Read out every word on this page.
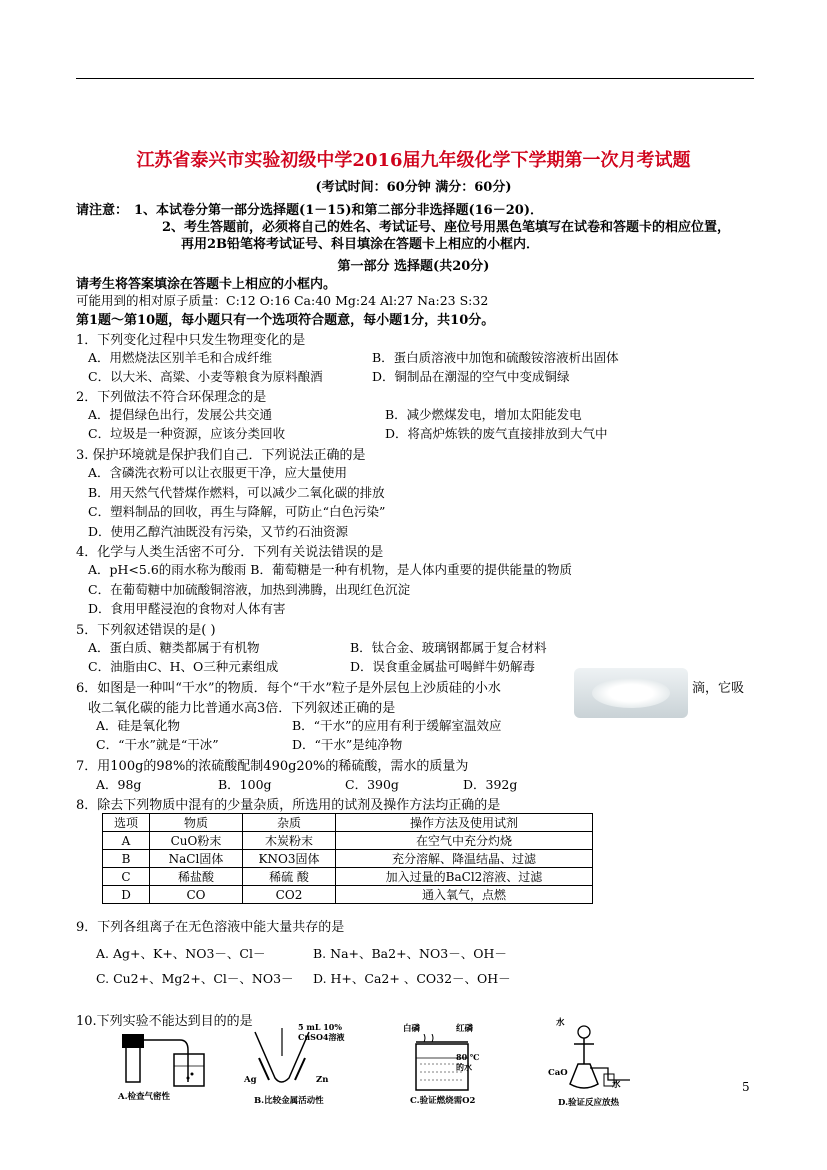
江苏省泰兴市实验初级中学2016届九年级化学下学期第一次月考试题
(考试时间：60分钟 满分：60分)
请注意： 1、本试卷分第一部分选择题(1－15)和第二部分非选择题(16－20)．
2、考生答题前，必须将自己的姓名、考试证号、座位号用黑色笔填写在试卷和答题卡的相应位置，
再用2B铅笔将考试证号、科目填涂在答题卡上相应的小框内．
第一部分 选择题(共20分)
请考生将答案填涂在答题卡上相应的小框内。
可能用到的相对原子质量：C:12 O:16 Ca:40 Mg:24 Al:27 Na:23 S:32
第1题～第10题，每小题只有一个选项符合题意，每小题1分，共10分。
1．下列变化过程中只发生物理变化的是
A．用燃烧法区别羊毛和合成纤维	B．蛋白质溶液中加饱和硫酸铵溶液析出固体
C．以大米、高粱、小麦等粮食为原料酿酒	D．铜制品在潮湿的空气中变成铜绿
2．下列做法不符合环保理念的是
A．提倡绿色出行，发展公共交通	B．减少燃煤发电，增加太阳能发电
C．垃圾是一种资源，应该分类回收	D．将高炉炼铁的废气直接排放到大气中
3. 保护环境就是保护我们自己．下列说法正确的是
A．含磷洗衣粉可以让衣服更干净，应大量使用
B．用天然气代替煤作燃料，可以减少二氧化碳的排放
C．塑料制品的回收，再生与降解，可防止“白色污染”
D．使用乙醇汽油既没有污染，又节约石油资源
4．化学与人类生活密不可分．下列有关说法错误的是
A．pH<5.6的雨水称为酸雨 B．葡萄糖是一种有机物，是人体内重要的提供能量的物质
C．在葡萄糖中加硫酸铜溶液，加热到沸腾，出现红色沉淀
D．食用甲醛浸泡的食物对人体有害
5．下列叙述错误的是( )
A．蛋白质、糖类都属于有机物	B．钛合金、玻璃钢都属于复合材料
C．油脂由C、H、O三种元素组成	D．误食重金属盐可喝鲜牛奶解毒
6．如图是一种叫“干水”的物质．每个“干水”粒子是外层包上沙质硅的小水	滴，它吸
收二氧化碳的能力比普通水高3倍．下列叙述正确的是
A．硅是氧化物	B．“干水”的应用有利于缓解室温效应
C．“干水”就是“干冰”	D．“干水”是纯净物
7．用100g的98%的浓硫酸配制490g20%的稀硫酸，需水的质量为
A．98g	B．100g	C．390g	D．392g
8．除去下列物质中混有的少量杂质，所选用的试剂及操作方法均正确的是
选项	物质	杂质	操作方法及使用试剂
A	CuO粉末	木炭粉末	在空气中充分灼烧
B	NaCl固体	KNO3固体	充分溶解、降温结晶、过滤
C	稀盐酸	稀硫 酸	加入过量的BaCl2溶液、过滤
D	CO	CO2	通入氧气，点燃
9．下列各组离子在无色溶液中能大量共存的是
A. Ag+、K+、NO3－、Cl－	B. Na+、Ba2+、NO3－、OH－
C. Cu2+、Mg2+、Cl－、NO3－ D. H+、Ca2+ 、CO32－、OH－
10.下列实验不能达到目的的是
A.检查气密性
5 mL 10% CuSO4溶液
Ag	Zn
B.比较金属活动性
白磷	红磷
80 ℃的水
C.验证燃烧需O2
水
CaO
水
D.验证反应放热
5
